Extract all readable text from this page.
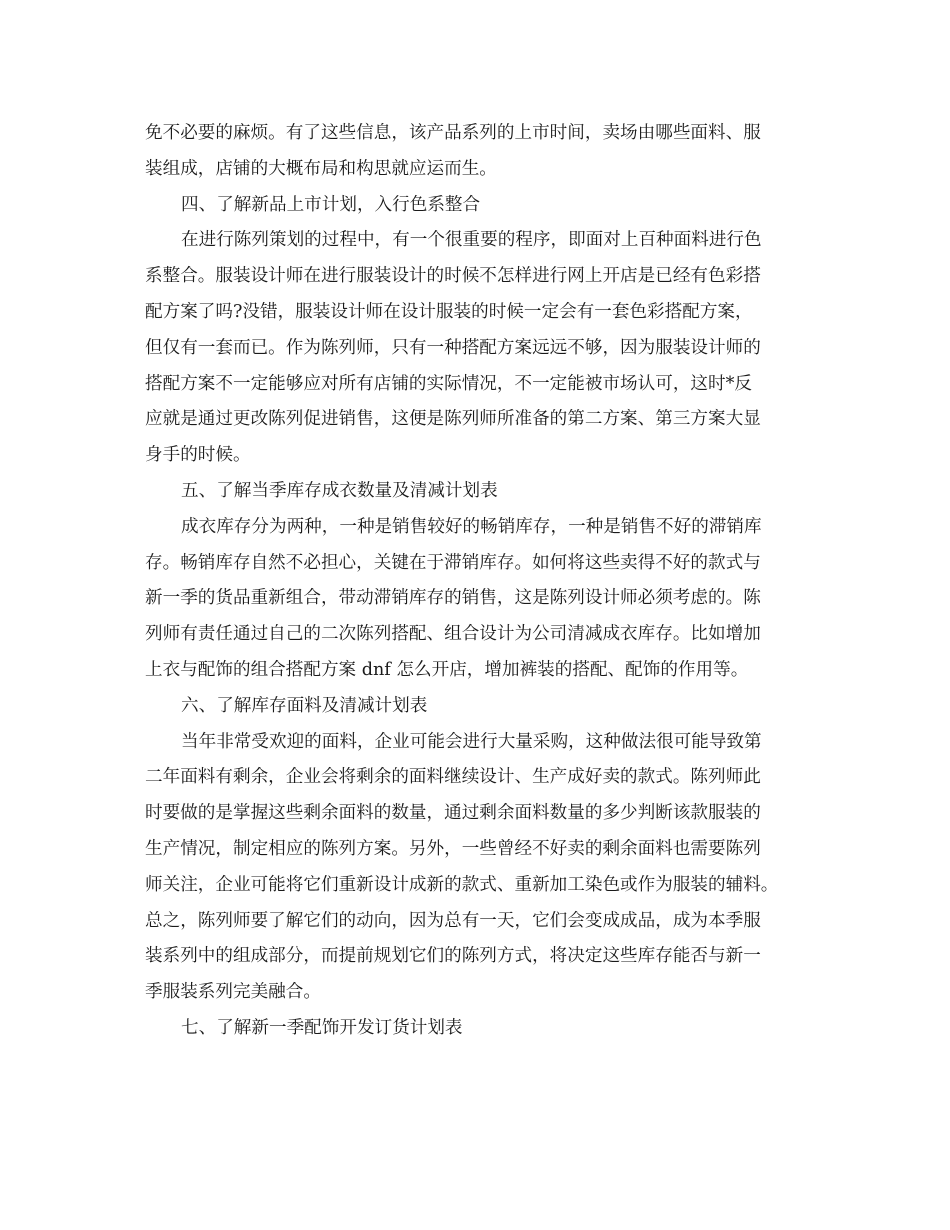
免不必要的麻烦。有了这些信息，该产品系列的上市时间，卖场由哪些面料、服
装组成，店铺的大概布局和构思就应运而生。
四、了解新品上市计划，入行色系整合
在进行陈列策划的过程中，有一个很重要的程序，即面对上百种面料进行色
系整合。服装设计师在进行服装设计的时候不怎样进行网上开店是已经有色彩搭
配方案了吗?没错，服装设计师在设计服装的时候一定会有一套色彩搭配方案，
但仅有一套而已。作为陈列师，只有一种搭配方案远远不够，因为服装设计师的
搭配方案不一定能够应对所有店铺的实际情况，不一定能被市场认可，这时*反
应就是通过更改陈列促进销售，这便是陈列师所准备的第二方案、第三方案大显
身手的时候。
五、了解当季库存成衣数量及清减计划表
成衣库存分为两种，一种是销售较好的畅销库存，一种是销售不好的滞销库
存。畅销库存自然不必担心，关键在于滞销库存。如何将这些卖得不好的款式与
新一季的货品重新组合，带动滞销库存的销售，这是陈列设计师必须考虑的。陈
列师有责任通过自己的二次陈列搭配、组合设计为公司清减成衣库存。比如增加
上衣与配饰的组合搭配方案 dnf 怎么开店，增加裤装的搭配、配饰的作用等。
六、了解库存面料及清减计划表
当年非常受欢迎的面料，企业可能会进行大量采购，这种做法很可能导致第
二年面料有剩余，企业会将剩余的面料继续设计、生产成好卖的款式。陈列师此
时要做的是掌握这些剩余面料的数量，通过剩余面料数量的多少判断该款服装的
生产情况，制定相应的陈列方案。另外，一些曾经不好卖的剩余面料也需要陈列
师关注，企业可能将它们重新设计成新的款式、重新加工染色或作为服装的辅料。
总之，陈列师要了解它们的动向，因为总有一天，它们会变成成品，成为本季服
装系列中的组成部分，而提前规划它们的陈列方式，将决定这些库存能否与新一
季服装系列完美融合。
七、了解新一季配饰开发订货计划表
